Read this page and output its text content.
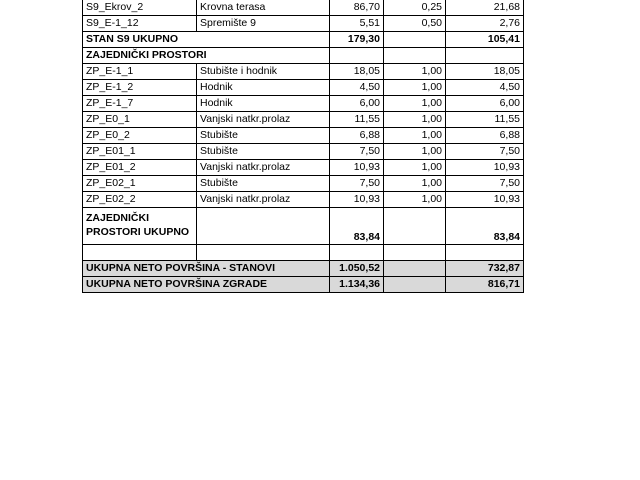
S9_Ekrov_2	Krovna terasa	86,70	0,25	21,68
S9_E-1_12	Spremište 9	5,51	0,50	2,76
STAN S9 UKUPNO		179,30		105,41
ZAJEDNIČKI PROSTORI				
ZP_E-1_1	Stubište i hodnik	18,05	1,00	18,05
ZP_E-1_2	Hodnik	4,50	1,00	4,50
ZP_E-1_7	Hodnik	6,00	1,00	6,00
ZP_E0_1	Vanjski natkr.prolaz	11,55	1,00	11,55
ZP_E0_2	Stubište	6,88	1,00	6,88
ZP_E01_1	Stubište	7,50	1,00	7,50
ZP_E01_2	Vanjski natkr.prolaz	10,93	1,00	10,93
ZP_E02_1	Stubište	7,50	1,00	7,50
ZP_E02_2	Vanjski natkr.prolaz	10,93	1,00	10,93
ZAJEDNIČKI
PROSTORI UKUPNO		83,84		83,84

UKUPNA NETO POVRŠINA - STANOVI		1.050,52		732,87
UKUPNA NETO POVRŠINA ZGRADE		1.134,36		816,71
